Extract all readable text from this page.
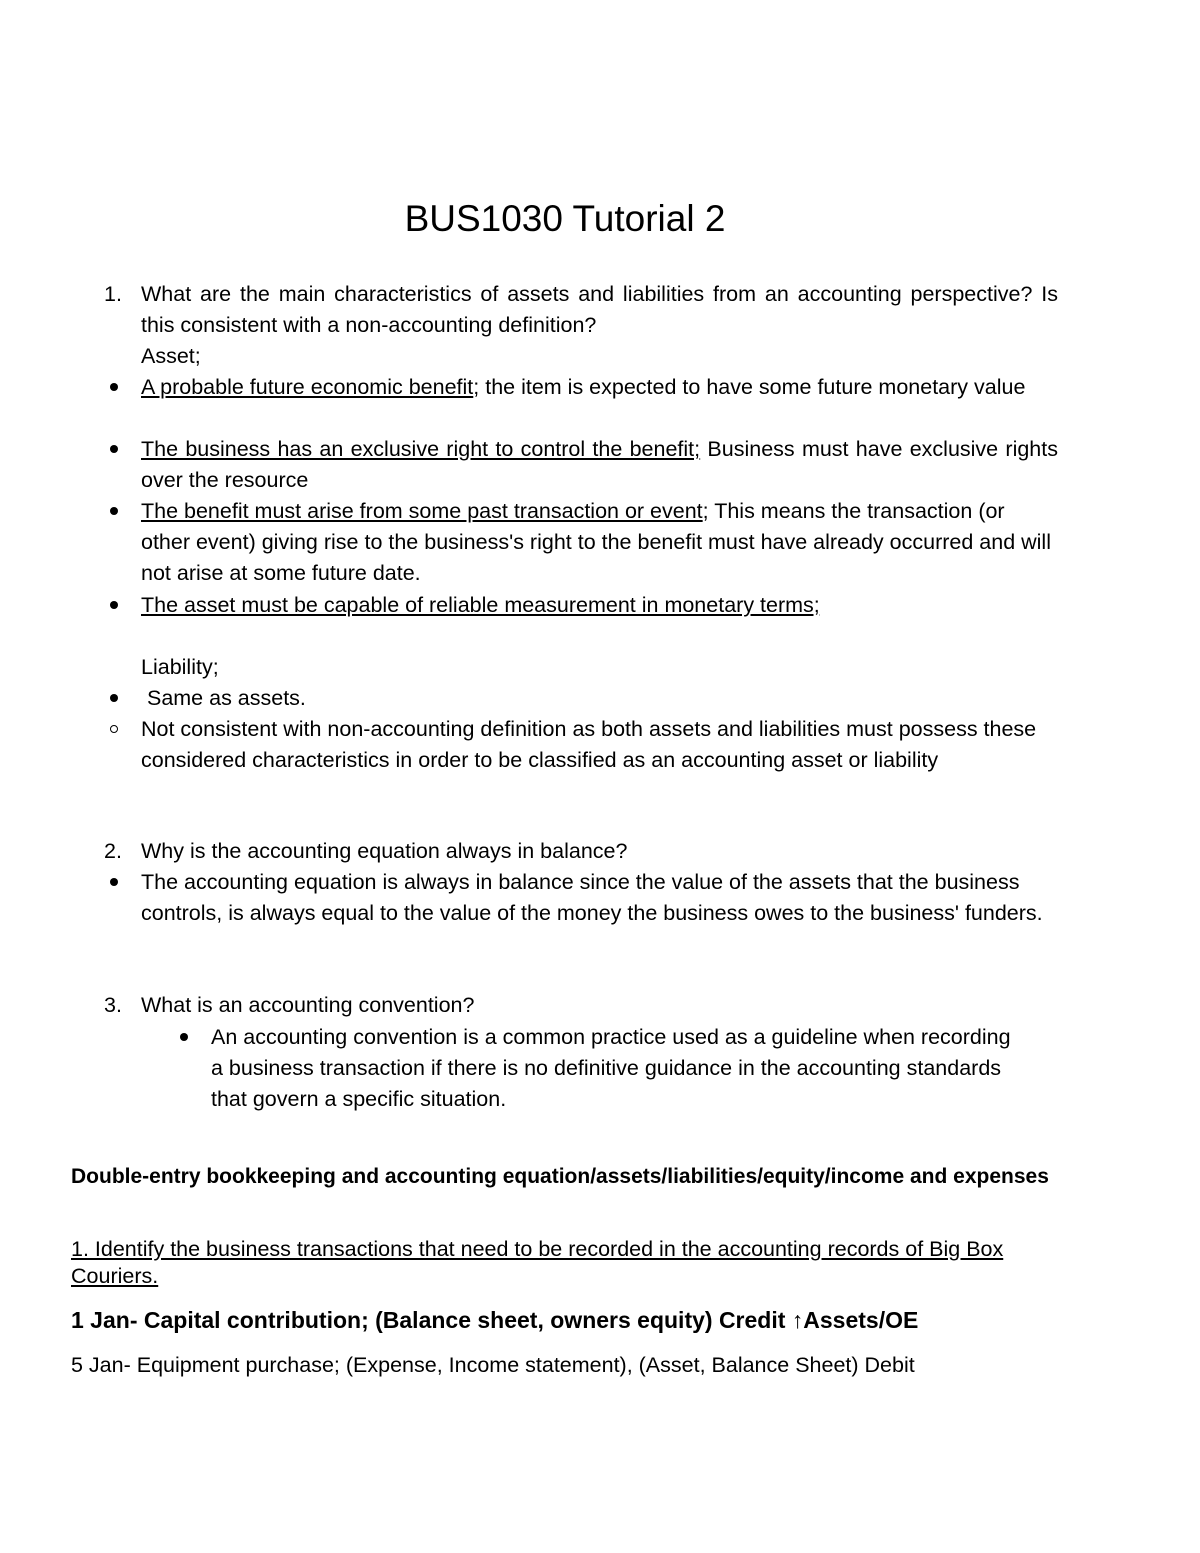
BUS1030 Tutorial 2
1. What are the main characteristics of assets and liabilities from an accounting perspective? Is this consistent with a non-accounting definition?
Asset;
A probable future economic benefit; the item is expected to have some future monetary value
The business has an exclusive right to control the benefit; Business must have exclusive rights over the resource
The benefit must arise from some past transaction or event; This means the transaction (or other event) giving rise to the business's right to the benefit must have already occurred and will not arise at some future date.
The asset must be capable of reliable measurement in monetary terms;
Liability;
Same as assets.
Not consistent with non-accounting definition as both assets and liabilities must possess these considered characteristics in order to be classified as an accounting asset or liability
2. Why is the accounting equation always in balance?
The accounting equation is always in balance since the value of the assets that the business controls, is always equal to the value of the money the business owes to the business' funders.
3. What is an accounting convention?
An accounting convention is a common practice used as a guideline when recording a business transaction if there is no definitive guidance in the accounting standards that govern a specific situation.
Double-entry bookkeeping and accounting equation/assets/liabilities/equity/income and expenses
1. Identify the business transactions that need to be recorded in the accounting records of Big Box Couriers.
1 Jan- Capital contribution; (Balance sheet, owners equity) Credit ↑Assets/OE
5 Jan- Equipment purchase; (Expense, Income statement), (Asset, Balance Sheet) Debit
